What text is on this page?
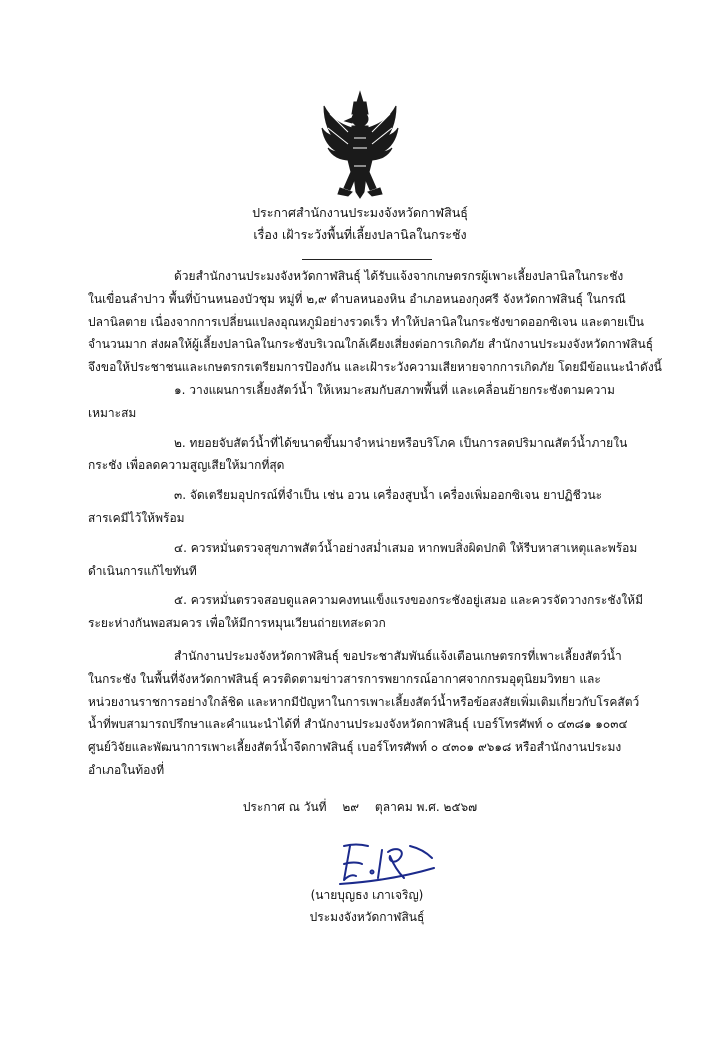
ประกาศสำนักงานประมงจังหวัดกาฬสินธุ์
เรื่อง เฝ้าระวังพื้นที่เลี้ยงปลานิลในกระชัง

ด้วยสำนักงานประมงจังหวัดกาฬสินธุ์ ได้รับแจ้งจากเกษตรกรผู้เพาะเลี้ยงปลานิลในกระชัง

ในเขื่อนลำปาว พื้นที่บ้านหนองบัวชุม หมู่ที่ ๒,๙ ตำบลหนองหิน อำเภอหนองกุงศรี จังหวัดกาฬสินธุ์ ในกรณี

ปลานิลตาย เนื่องจากการเปลี่ยนแปลงอุณหภูมิอย่างรวดเร็ว ทำให้ปลานิลในกระชังขาดออกซิเจน และตายเป็น

จำนวนมาก ส่งผลให้ผู้เลี้ยงปลานิลในกระชังบริเวณใกล้เคียงเสี่ยงต่อการเกิดภัย สำนักงานประมงจังหวัดกาฬสินธุ์

จึงขอให้ประชาชนและเกษตรกรเตรียมการป้องกัน และเฝ้าระวังความเสียหายจากการเกิดภัย โดยมีข้อแนะนำดังนี้

๑. วางแผนการเลี้ยงสัตว์น้ำ ให้เหมาะสมกับสภาพพื้นที่ และเคลื่อนย้ายกระชังตามความ

เหมาะสม

๒. ทยอยจับสัตว์น้ำที่ได้ขนาดขึ้นมาจำหน่ายหรือบริโภค เป็นการลดปริมาณสัตว์น้ำภายใน

กระชัง เพื่อลดความสูญเสียให้มากที่สุด

๓. จัดเตรียมอุปกรณ์ที่จำเป็น เช่น อวน เครื่องสูบน้ำ เครื่องเพิ่มออกซิเจน ยาปฏิชีวนะ

สารเคมีไว้ให้พร้อม

๔. ควรหมั่นตรวจสุขภาพสัตว์น้ำอย่างสม่ำเสมอ หากพบสิ่งผิดปกติ ให้รีบหาสาเหตุและพร้อม

ดำเนินการแก้ไขทันที

๕. ควรหมั่นตรวจสอบดูแลความคงทนแข็งแรงของกระชังอยู่เสมอ และควรจัดวางกระชังให้มี

ระยะห่างกันพอสมควร เพื่อให้มีการหมุนเวียนถ่ายเทสะดวก

สำนักงานประมงจังหวัดกาฬสินธุ์ ขอประชาสัมพันธ์แจ้งเตือนเกษตรกรที่เพาะเลี้ยงสัตว์น้ำ

ในกระชัง ในพื้นที่จังหวัดกาฬสินธุ์ ควรติดตามข่าวสารการพยากรณ์อากาศจากกรมอุตุนิยมวิทยา และ

หน่วยงานราชการอย่างใกล้ชิด และหากมีปัญหาในการเพาะเลี้ยงสัตว์น้ำหรือข้อสงสัยเพิ่มเติมเกี่ยวกับโรคสัตว์

น้ำที่พบสามารถปรึกษาและคำแนะนำได้ที่ สำนักงานประมงจังหวัดกาฬสินธุ์ เบอร์โทรศัพท์ ๐ ๔๓๘๑ ๑๐๓๔

ศูนย์วิจัยและพัฒนาการเพาะเลี้ยงสัตว์น้ำจืดกาฬสินธุ์ เบอร์โทรศัพท์ ๐ ๔๓๐๑ ๙๖๑๘ หรือสำนักงานประมง

อำเภอในท้องที่

ประกาศ ณ วันที่ ๒๙ ตุลาคม พ.ศ. ๒๕๖๗
(นายบุญธง เภาเจริญ)
ประมงจังหวัดกาฬสินธุ์
